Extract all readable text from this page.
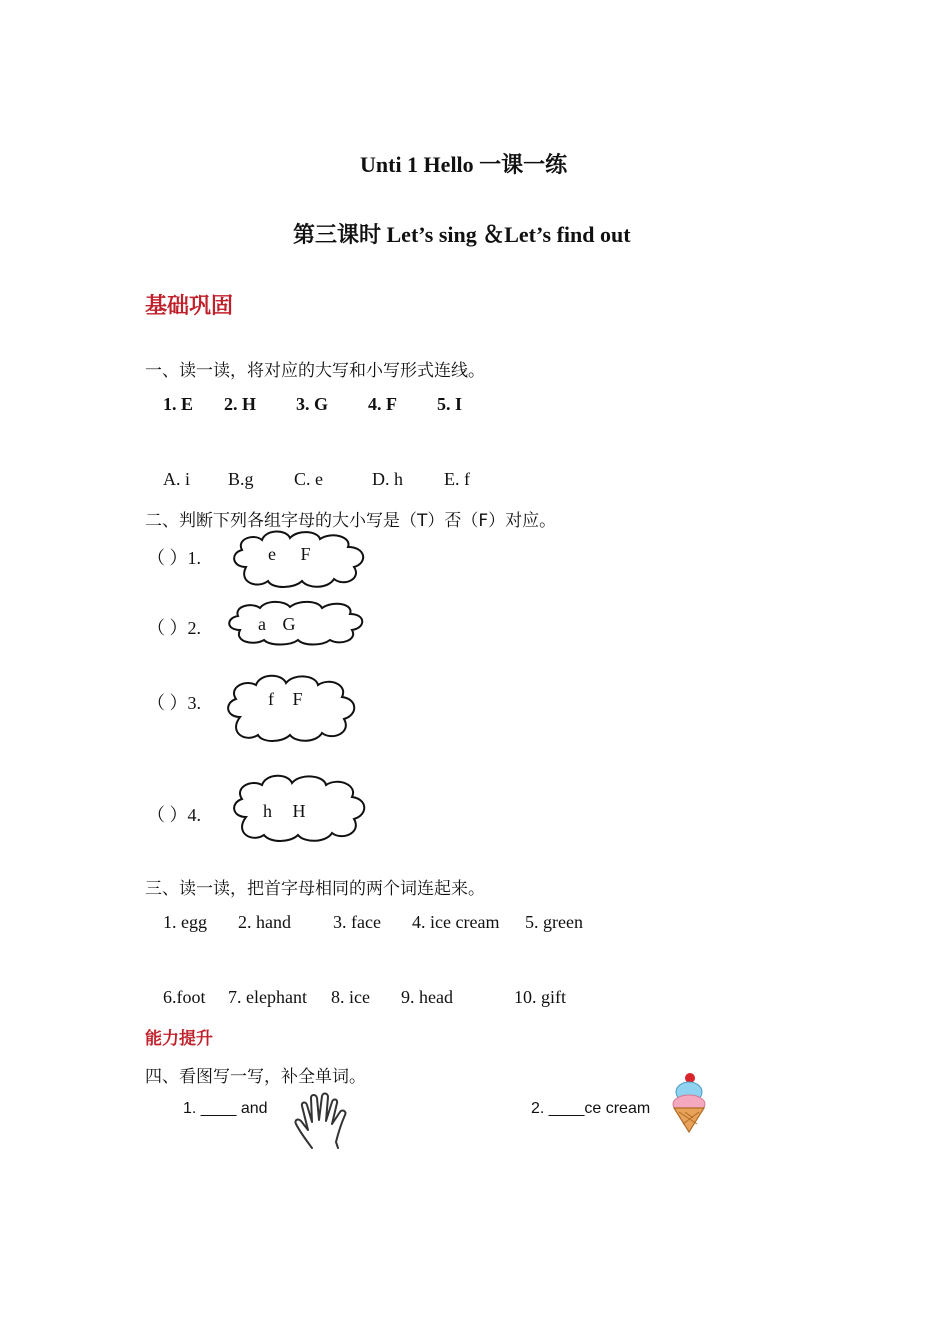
Unti 1 Hello 一课一练
第三课时 Let’s sing ＆Let’s find out
基础巩固
一、读一读，将对应的大写和小写形式连线。
1. E 2. H 3. G 4. F 5. I
A. i B.g C. e	D. h E. f
二、判断下列各组字母的大小写是（T）否（F）对应。
（ ）1.	e F
（ ）2.	a G
（ ）3.	f F
（ ）4.	h H
三、读一读，把首字母相同的两个词连起来。
1. egg 2. hand 3. face 4. ice cream 5. green
6.foot 7. elephant 8. ice 9. head	10. gift
能力提升
四、看图写一写，补全单词。
1. ____ and	2. ____ce cream
